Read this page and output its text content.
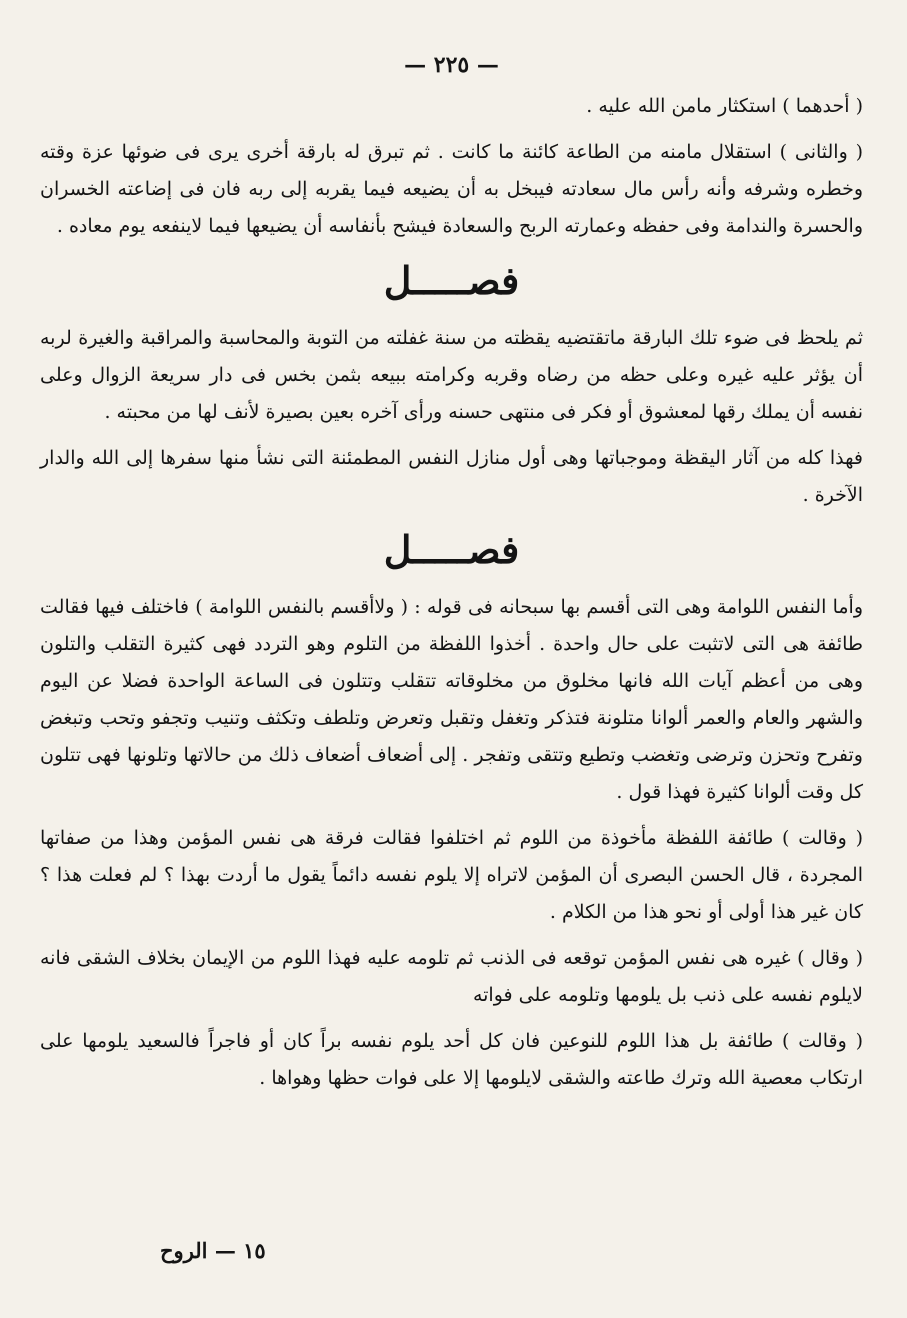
— ٢٢٥ —

( أحدهما ) استكثار مامن الله عليه .

( والثانى ) استقلال مامنه من الطاعة كائنة ما كانت . ثم تبرق له بارقة أخرى يرى فى ضوئها عزة وقته وخطره وشرفه وأنه رأس مال سعادته فيبخل به أن يضيعه فيما يقربه إلى ربه فان فى إضاعته الخسران والحسرة والندامة وفى حفظه وعمارته الربح والسعادة فيشح بأنفاسه أن يضيعها فيما لاينفعه يوم معاده .

فصـــــل

ثم يلحظ فى ضوء تلك البارقة ماتقتضيه يقظته من سنة غفلته من التوبة والمحاسبة والمراقبة والغيرة لربه أن يؤثر عليه غيره وعلى حظه من رضاه وقربه وكرامته ببيعه بثمن بخس فى دار سريعة الزوال وعلى نفسه أن يملك رقها لمعشوق أو فكر فى منتهى حسنه ورأى آخره بعين بصيرة لأنف لها من محبته .

فهذا كله من آثار اليقظة وموجباتها وهى أول منازل النفس المطمئنة التى نشأ منها سفرها إلى الله والدار الآخرة .

فصـــــل

وأما النفس اللوامة وهى التى أقسم بها سبحانه فى قوله : ( ولاأقسم بالنفس اللوامة ) فاختلف فيها فقالت طائفة هى التى لاتثبت على حال واحدة . أخذوا اللفظة من التلوم وهو التردد فهى كثيرة التقلب والتلون وهى من أعظم آيات الله فانها مخلوق من مخلوقاته تتقلب وتتلون فى الساعة الواحدة فضلا عن اليوم والشهر والعام والعمر ألوانا متلونة فتذكر وتغفل وتقبل وتعرض وتلطف وتكثف وتنيب وتجفو وتحب وتبغض وتفرح وتحزن وترضى وتغضب وتطيع وتتقى وتفجر . إلى أضعاف أضعاف ذلك من حالاتها وتلونها فهى تتلون كل وقت ألوانا كثيرة فهذا قول .

( وقالت ) طائفة اللفظة مأخوذة من اللوم ثم اختلفوا فقالت فرقة هى نفس المؤمن وهذا من صفاتها المجردة ، قال الحسن البصرى أن المؤمن لاتراه إلا يلوم نفسه دائماً يقول ما أردت بهذا ؟ لم فعلت هذا ؟ كان غير هذا أولى أو نحو هذا من الكلام .

( وقال ) غيره هى نفس المؤمن توقعه فى الذنب ثم تلومه عليه فهذا اللوم من الإيمان بخلاف الشقى فانه لايلوم نفسه على ذنب بل يلومها وتلومه على فواته

( وقالت ) طائفة بل هذا اللوم للنوعين فان كل أحد يلوم نفسه براً كان أو فاجراً فالسعيد يلومها على ارتكاب معصية الله وترك طاعته والشقى لايلومها إلا على فوات حظها وهواها .

١٥ — الروح
